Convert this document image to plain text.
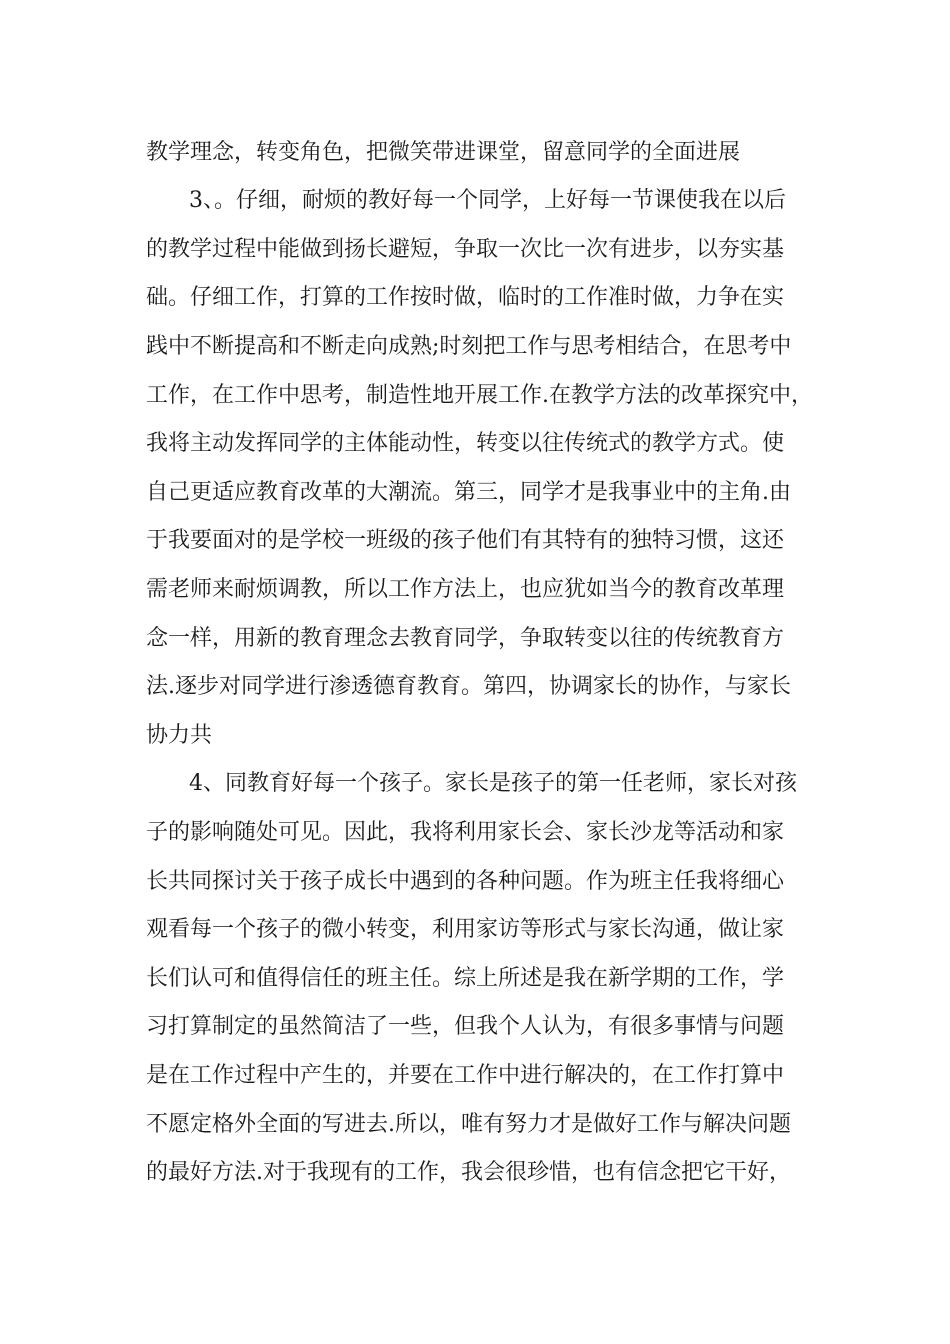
教学理念，转变角色，把微笑带进课堂，留意同学的全面进展
3、。仔细，耐烦的教好每一个同学，上好每一节课使我在以后
的教学过程中能做到扬长避短，争取一次比一次有进步，以夯实基
础。仔细工作，打算的工作按时做，临时的工作准时做，力争在实
践中不断提高和不断走向成熟;时刻把工作与思考相结合，在思考中
工作，在工作中思考，制造性地开展工作.在教学方法的改革探究中，
我将主动发挥同学的主体能动性，转变以往传统式的教学方式。使
自己更适应教育改革的大潮流。第三，同学才是我事业中的主角.由
于我要面对的是学校一班级的孩子他们有其特有的独特习惯，这还
需老师来耐烦调教，所以工作方法上，也应犹如当今的教育改革理
念一样，用新的教育理念去教育同学，争取转变以往的传统教育方
法.逐步对同学进行渗透德育教育。第四，协调家长的协作，与家长
协力共
4、同教育好每一个孩子。家长是孩子的第一任老师，家长对孩
子的影响随处可见。因此，我将利用家长会、家长沙龙等活动和家
长共同探讨关于孩子成长中遇到的各种问题。作为班主任我将细心
观看每一个孩子的微小转变，利用家访等形式与家长沟通，做让家
长们认可和值得信任的班主任。综上所述是我在新学期的工作，学
习打算制定的虽然简洁了一些，但我个人认为，有很多事情与问题
是在工作过程中产生的，并要在工作中进行解决的，在工作打算中
不愿定格外全面的写进去.所以，唯有努力才是做好工作与解决问题
的最好方法.对于我现有的工作，我会很珍惜，也有信念把它干好，
